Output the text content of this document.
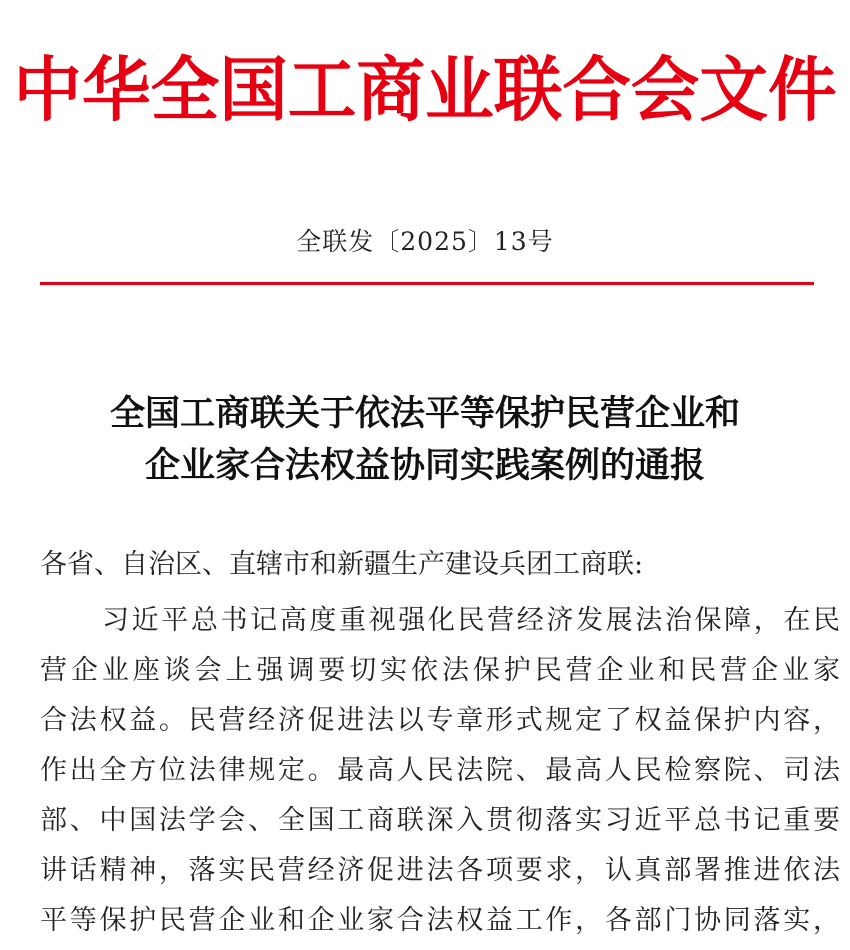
中华全国工商业联合会文件
全联发〔2025〕13号
全国工商联关于依法平等保护民营企业和
企业家合法权益协同实践案例的通报
各省、自治区、直辖市和新疆生产建设兵团工商联:
习近平总书记高度重视强化民营经济发展法治保障，在民
营企业座谈会上强调要切实依法保护民营企业和民营企业家
合法权益。民营经济促进法以专章形式规定了权益保护内容，
作出全方位法律规定。最高人民法院、最高人民检察院、司法
部、中国法学会、全国工商联深入贯彻落实习近平总书记重要
讲话精神，落实民营经济促进法各项要求，认真部署推进依法
平等保护民营企业和企业家合法权益工作，各部门协同落实，
